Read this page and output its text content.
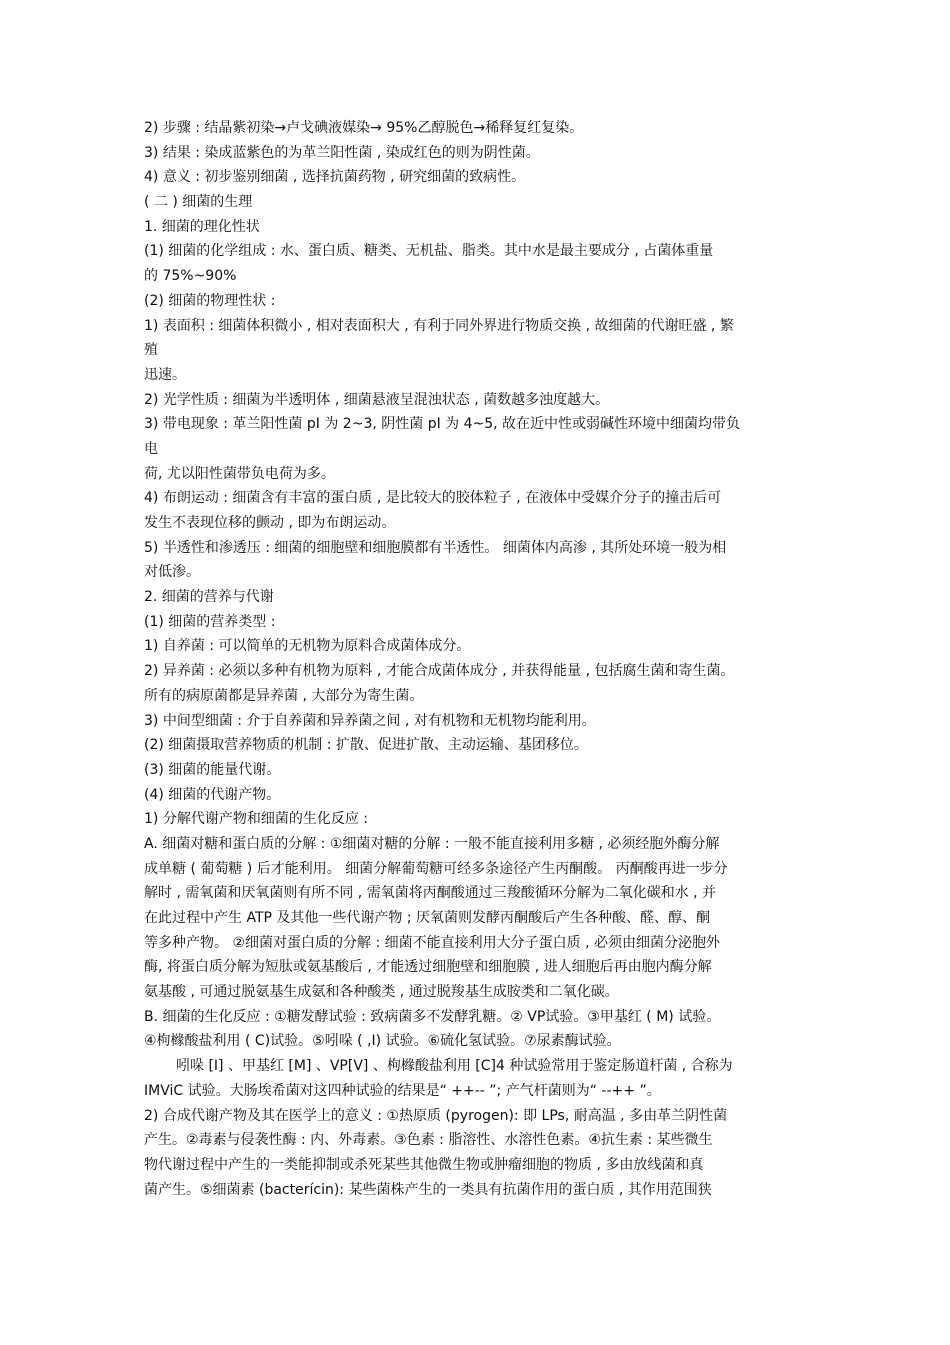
2) 步骤 : 结晶紫初染→卢戈碘液媒染→ 95%乙醇脱色→稀释复红复染。
3) 结果 : 染成蓝紫色的为革兰阳性菌 , 染成红色的则为阴性菌。
4) 意义 : 初步鉴别细菌 , 选择抗菌药物 , 研究细菌的致病性。
( 二 ) 细菌的生理
1. 细菌的理化性状
(1) 细菌的化学组成 : 水、蛋白质、糖类、无机盐、脂类。其中水是最主要成分 , 占菌体重量
的 75%~90%
(2) 细菌的物理性状 :
1) 表面积 : 细菌体积微小 , 相对表面积大 , 有利于同外界进行物质交换 , 故细菌的代谢旺盛 , 繁
殖
迅速。
2) 光学性质 : 细菌为半透明体 , 细菌悬液呈混浊状态 , 菌数越多浊度越大。
3) 带电现象 : 革兰阳性菌 pI 为 2~3, 阴性菌 pI 为 4~5, 故在近中性或弱碱性环境中细菌均带负
电
荷, 尤以阳性菌带负电荷为多。
4) 布朗运动 : 细菌含有丰富的蛋白质 , 是比较大的胶体粒子 , 在液体中受媒介分子的撞击后可
发生不表现位移的颤动 , 即为布朗运动。
5) 半透性和渗透压 : 细菌的细胞壁和细胞膜都有半透性。 细菌体内高渗 , 其所处环境一般为相
对低渗。
2. 细菌的营养与代谢
(1) 细菌的营养类型 :
1) 自养菌 : 可以简单的无机物为原料合成菌体成分。
2) 异养菌 : 必须以多种有机物为原料 , 才能合成菌体成分 , 并获得能量 , 包括腐生菌和寄生菌。
所有的病原菌都是异养菌 , 大部分为寄生菌。
3) 中间型细菌 : 介于自养菌和异养菌之间 , 对有机物和无机物均能利用。
(2) 细菌摄取营养物质的机制 : 扩散、促进扩散、主动运输、基团移位。
(3) 细菌的能量代谢。
(4) 细菌的代谢产物。
1) 分解代谢产物和细菌的生化反应 :
A. 细菌对糖和蛋白质的分解 : ①细菌对糖的分解 : 一般不能直接利用多糖 , 必须经胞外酶分解
成单糖 ( 葡萄糖 ) 后才能利用。 细菌分解葡萄糖可经多条途径产生丙酮酸。 丙酮酸再进一步分
解时 , 需氧菌和厌氧菌则有所不同 , 需氧菌将丙酮酸通过三羧酸循环分解为二氧化碳和水 , 并
在此过程中产生 ATP 及其他一些代谢产物 ; 厌氧菌则发酵丙酮酸后产生各种酸、醛、醇、酮
等多种产物。 ②细菌对蛋白质的分解 : 细菌不能直接利用大分子蛋白质 , 必须由细菌分泌胞外
酶, 将蛋白质分解为短肽或氨基酸后 , 才能透过细胞壁和细胞膜 , 进人细胞后再由胞内酶分解
氨基酸 , 可通过脱氨基生成氨和各种酸类 , 通过脱羧基生成胺类和二氧化碳。
B. 细菌的生化反应 : ①糖发酵试验 : 致病菌多不发酵乳糖。② VP试验。③甲基红 ( M) 试验。
④枸橼酸盐利用 ( C)试验。⑤吲哚 ( ,I) 试验。⑥硫化氢试验。⑦尿素酶试验。
吲哚 [I] 、甲基红 [M] 、VP[Ⅴ] 、枸橼酸盐利用 [C]4 种试验常用于鉴定肠道杆菌 , 合称为
IMViC 试验。大肠埃希菌对这四种试验的结果是“ ++-- ”; 产气杆菌则为“ --++ ”。
2) 合成代谢产物及其在医学上的意义 : ①热原质 (pyrogen): 即 LPs, 耐高温 , 多由革兰阴性菌
产生。②毒素与侵袭性酶 : 内、外毒素。③色素 : 脂溶性、水溶性色素。④抗生素 : 某些微生
物代谢过程中产生的一类能抑制或杀死某些其他微生物或肿瘤细胞的物质 , 多由放线菌和真
菌产生。⑤细菌素 (bacterícin): 某些菌株产生的一类具有抗菌作用的蛋白质 , 其作用范围狭
